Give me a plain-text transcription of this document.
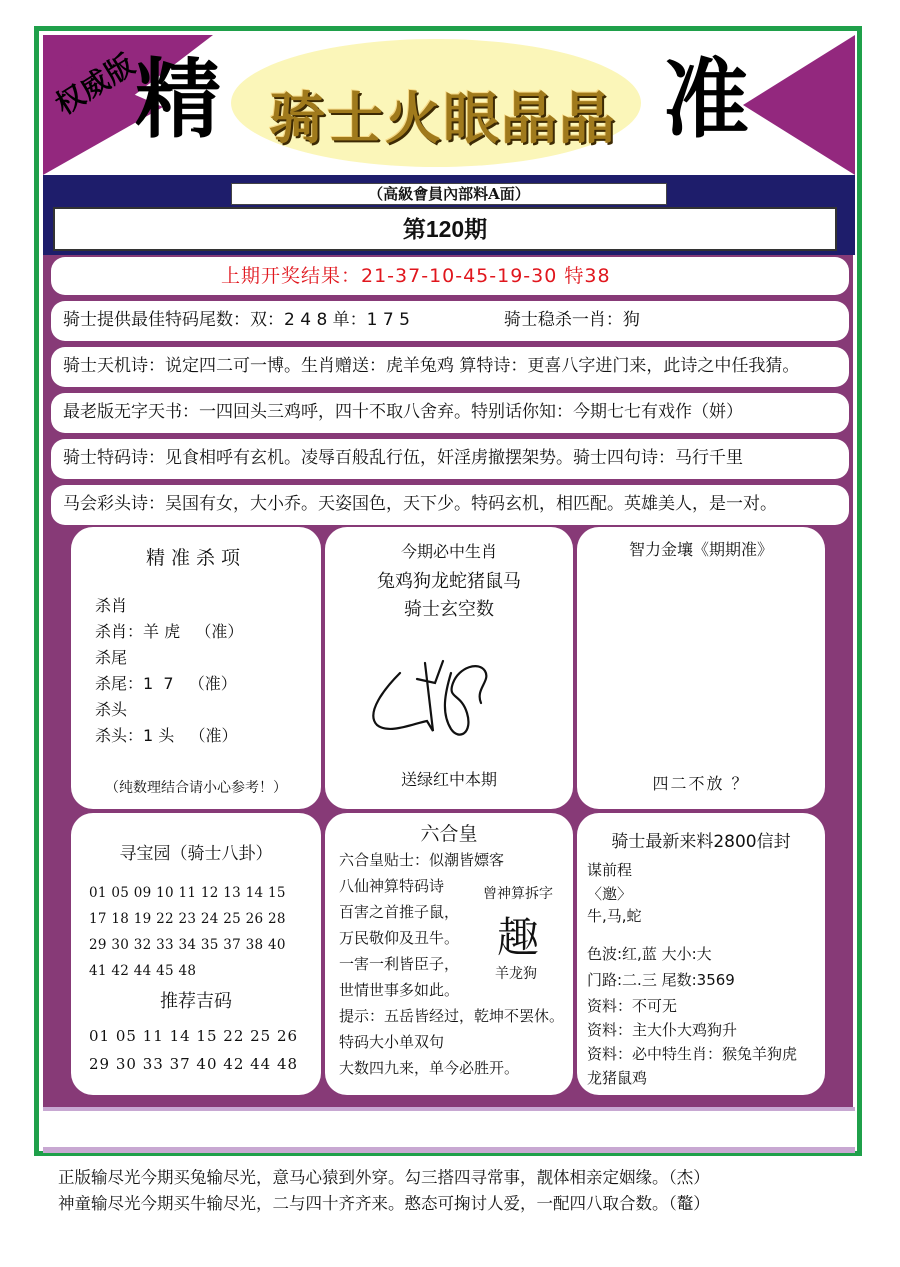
权威版
精 骑士火眼晶晶 准
（高級會員內部料A面）
第120期
上期开奖结果：21-37-10-45-19-30 特38
骑士提供最佳特码尾数：双：2 4 8 单：1 7 5	骑士稳杀一肖：狗
骑士天机诗：说定四二可一博。生肖赠送：虎羊兔鸡 算特诗：更喜八字进门来，此诗之中任我猜。
最老版无字天书：一四回头三鸡呼，四十不取八舍弃。特别话你知：今期七七有戏作（姘）
骑士特码诗：见食相呼有玄机。凌辱百般乱行伍，奸淫虏撤摆架势。骑士四句诗：马行千里
马会彩头诗：吴国有女，大小乔。天姿国色，天下少。特码玄机，相匹配。英雄美人，是一对。
精准杀项
杀肖
杀肖：羊 虎   （准）
杀尾
杀尾：1  7   （准）
杀头
杀头：1 头   （准）
（纯数理结合请小心参考！）
今期必中生肖
兔鸡狗龙蛇猪鼠马
骑士玄空数
送绿红中本期
智力金壤《期期准》
四二不放 ？
寻宝园（骑士八卦）
01 05 09 10 11 12 13 14 15
17 18 19 22 23 24 25 26 28
29 30 32 33 34 35 37 38 40
41 42 44 45 48
推荐吉码
01 05 11 14 15 22 25 26
29 30 33 37 40 42 44 48
六合皇
六合皇贴士：似潮皆嫖客
八仙神算特码诗
百害之首推子鼠，
万民敬仰及丑牛。
一害一利皆臣子，
世情世事多如此。
提示：五岳皆经过，乾坤不罢休。
特码大小单双句
大数四九来，单今必胜开。
曾神算拆字
趣
羊龙狗
骑士最新来料2800信封
谋前程
〈邀〉
牛,马,蛇
色波:红,蓝 大小:大
门路:二.三 尾数:3569
资料：不可无
资料：主大仆大鸡狗升
资料：必中特生肖：猴兔羊狗虎
龙猪鼠鸡
正版输尽光今期买兔输尽光，意马心猿到外穿。勾三搭四寻常事，靓体相亲定姻缘。（杰）
神童输尽光今期买牛输尽光，二与四十齐齐来。憨态可掬讨人爱，一配四八取合数。（鼇）
